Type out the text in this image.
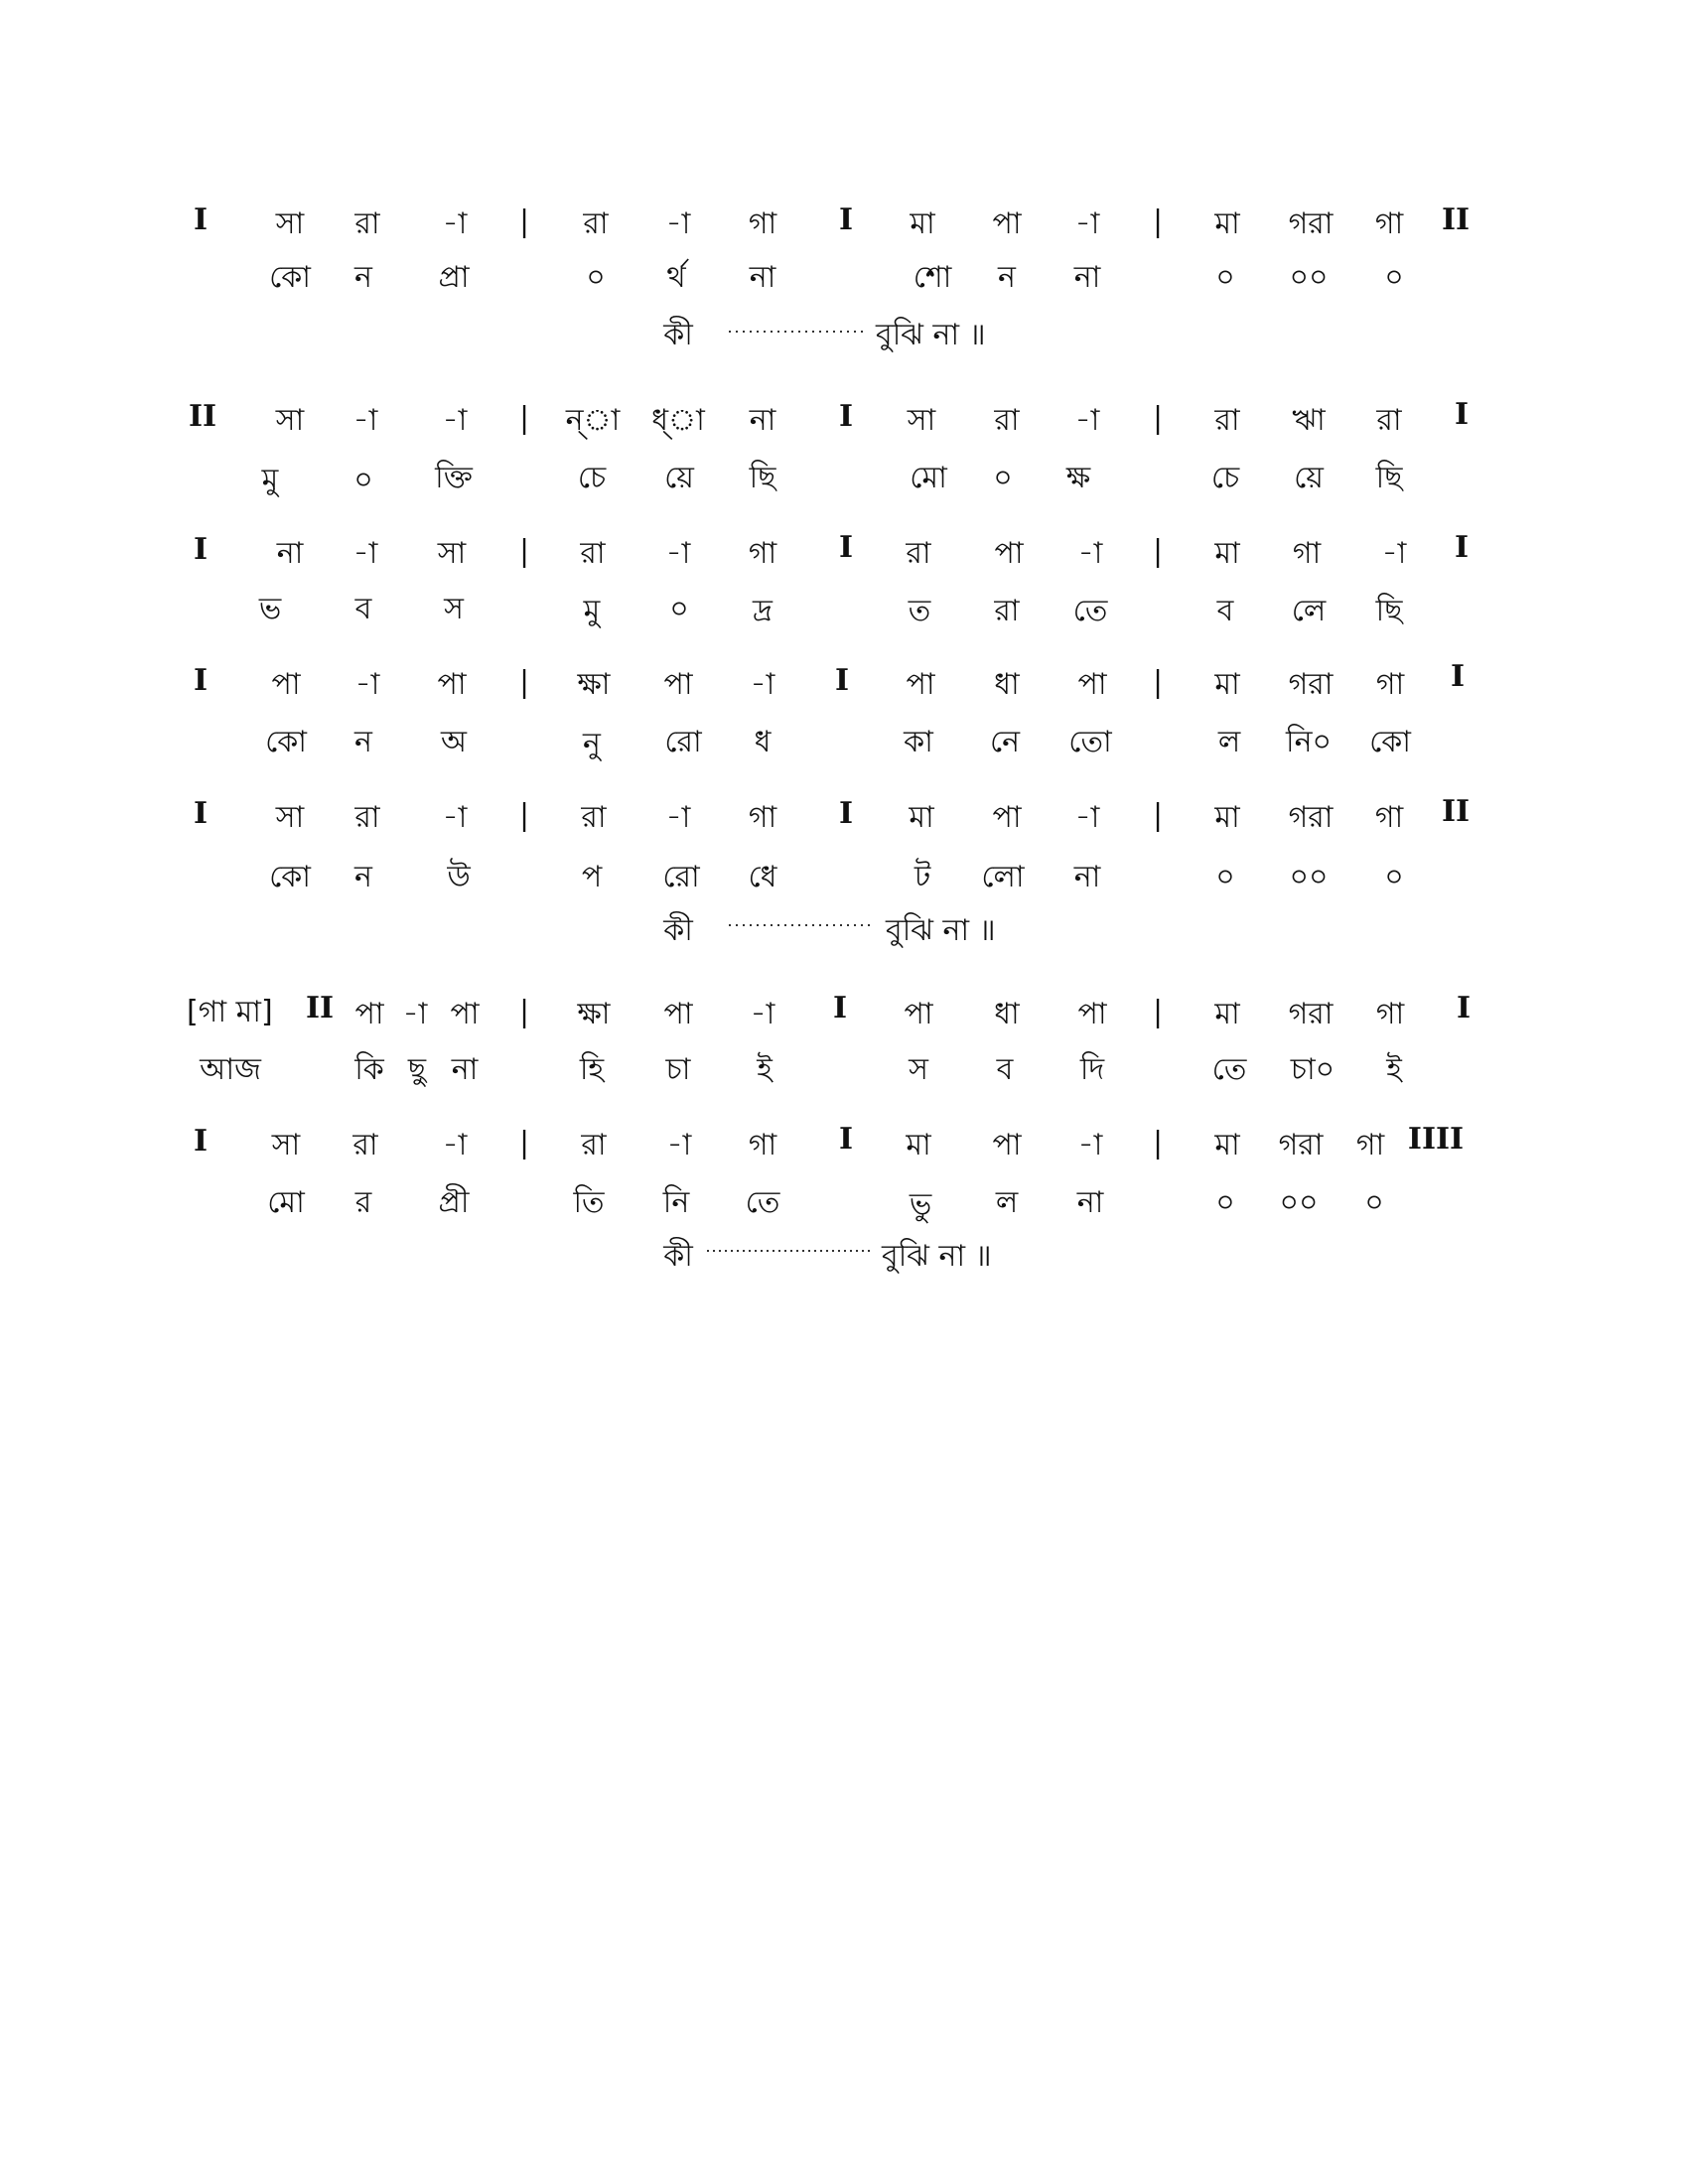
I সা রা -া | রা -া গা I মা পা -া | মা গরা গা II
কো ন প্রা	০ র্থ না	শো ন না	০ ০০ ০
কী	বুঝি না ॥
II সা -া -া | ন্া ধ্া না I সা রা -া | রা ঋা রা I
মু	০ ক্তি	চে য়ে ছি	মো ০ ক্ষ	চে য়ে ছি
I না -া সা | রা -া গা I রা পা -া | মা গা -া I
ভ ব স	মু ০ দ্র	ত রা তে	ব লে ছি
I পা -া পা | ক্ষা পা -া I পা ধা পা | মা গরা গা I
কো ন অ	নু রো ধ	কা নে তো	ল নি০ কো
I সা রা -া | রা -া গা I মা পা -া | মা গরা গা II
কো ন	উ	প রো ধে	ট লো না	০ ০০ ০
কী	বুঝি না ॥
[গা মা] II পা -া পা | ক্ষা পা -া I পা ধা পা | মা গরা গা I
আজ	কি ছু না	হি চা ই	স ব দি	তে চা০ ই
I সা রা -া | রা -া গা I মা পা -া | মা গরা গা IIII
মো র প্রী	তি নি তে	ভু ল না	০ ০০ ০
কী	বুঝি না ॥
